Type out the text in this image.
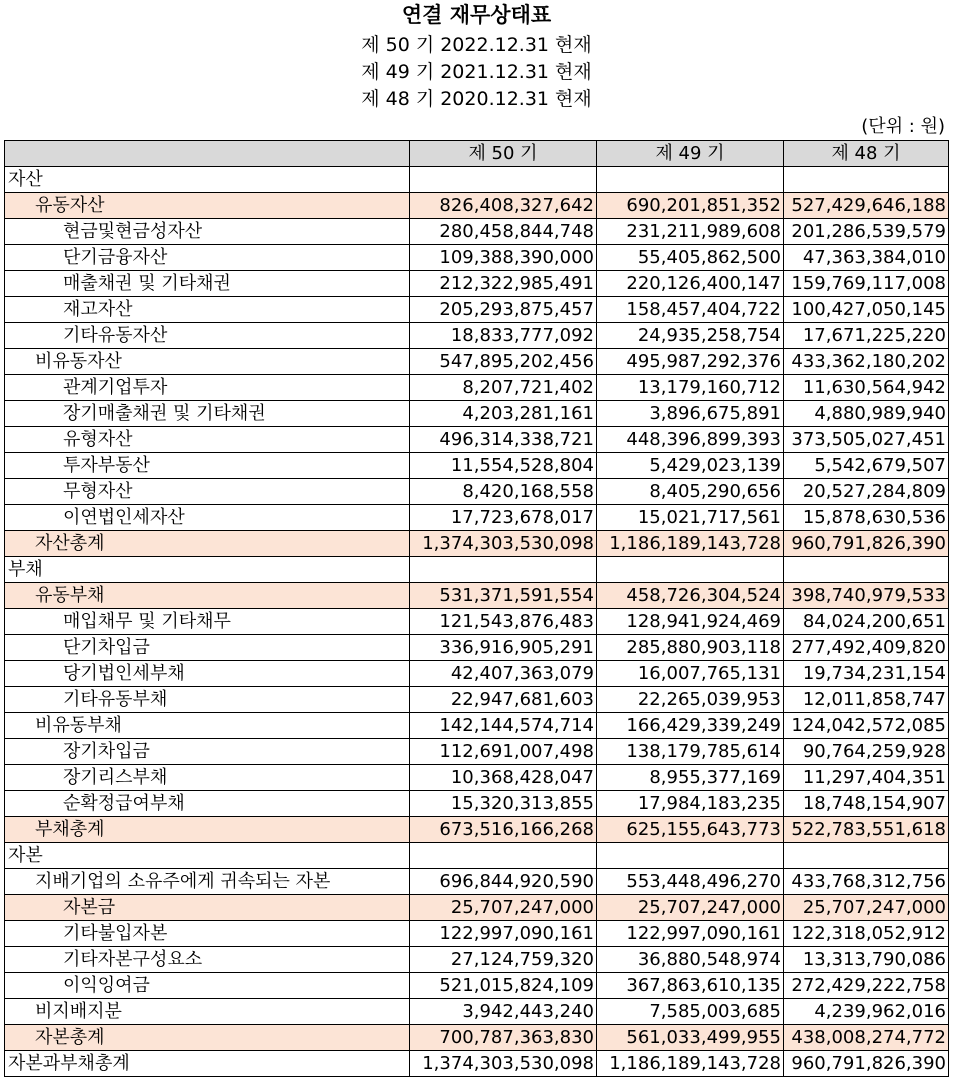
연결 재무상태표
제 50 기 2022.12.31 현재
제 49 기 2021.12.31 현재
제 48 기 2020.12.31 현재
(단위 : 원)
	제 50 기	제 49 기	제 48 기
자산			
유동자산	826,408,327,642	690,201,851,352	527,429,646,188
현금및현금성자산	280,458,844,748	231,211,989,608	201,286,539,579
단기금융자산	109,388,390,000	55,405,862,500	47,363,384,010
매출채권 및 기타채권	212,322,985,491	220,126,400,147	159,769,117,008
재고자산	205,293,875,457	158,457,404,722	100,427,050,145
기타유동자산	18,833,777,092	24,935,258,754	17,671,225,220
비유동자산	547,895,202,456	495,987,292,376	433,362,180,202
관계기업투자	8,207,721,402	13,179,160,712	11,630,564,942
장기매출채권 및 기타채권	4,203,281,161	3,896,675,891	4,880,989,940
유형자산	496,314,338,721	448,396,899,393	373,505,027,451
투자부동산	11,554,528,804	5,429,023,139	5,542,679,507
무형자산	8,420,168,558	8,405,290,656	20,527,284,809
이연법인세자산	17,723,678,017	15,021,717,561	15,878,630,536
자산총계	1,374,303,530,098	1,186,189,143,728	960,791,826,390
부채			
유동부채	531,371,591,554	458,726,304,524	398,740,979,533
매입채무 및 기타채무	121,543,876,483	128,941,924,469	84,024,200,651
단기차입금	336,916,905,291	285,880,903,118	277,492,409,820
당기법인세부채	42,407,363,079	16,007,765,131	19,734,231,154
기타유동부채	22,947,681,603	22,265,039,953	12,011,858,747
비유동부채	142,144,574,714	166,429,339,249	124,042,572,085
장기차입금	112,691,007,498	138,179,785,614	90,764,259,928
장기리스부채	10,368,428,047	8,955,377,169	11,297,404,351
순확정급여부채	15,320,313,855	17,984,183,235	18,748,154,907
부채총계	673,516,166,268	625,155,643,773	522,783,551,618
자본			
지배기업의 소유주에게 귀속되는 자본	696,844,920,590	553,448,496,270	433,768,312,756
자본금	25,707,247,000	25,707,247,000	25,707,247,000
기타불입자본	122,997,090,161	122,997,090,161	122,318,052,912
기타자본구성요소	27,124,759,320	36,880,548,974	13,313,790,086
이익잉여금	521,015,824,109	367,863,610,135	272,429,222,758
비지배지분	3,942,443,240	7,585,003,685	4,239,962,016
자본총계	700,787,363,830	561,033,499,955	438,008,274,772
자본과부채총계	1,374,303,530,098	1,186,189,143,728	960,791,826,390
